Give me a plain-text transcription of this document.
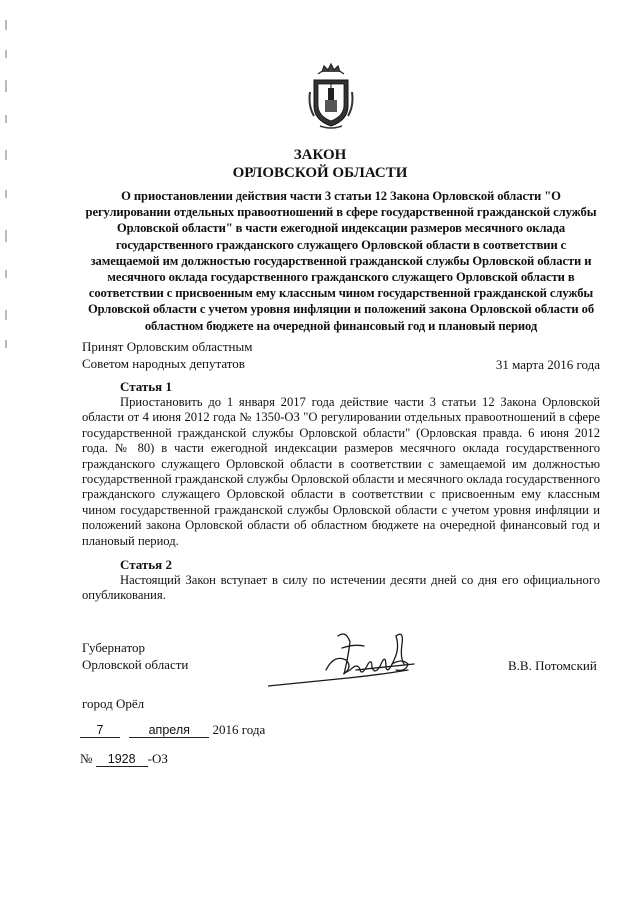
ЗАКОН
ОРЛОВСКОЙ ОБЛАСТИ
О приостановлении действия части 3 статьи 12 Закона Орловской области "О регулировании отдельных правоотношений в сфере государственной гражданской службы Орловской области" в части ежегодной индексации размеров месячного оклада государственного гражданского служащего Орловской области в соответствии с замещаемой им должностью государственной гражданской службы Орловской области и месячного оклада государственного гражданского служащего Орловской области в соответствии с присвоенным ему классным чином государственной гражданской службы Орловской области с учетом уровня инфляции и положений закона Орловской области об областном бюджете на очередной финансовый год и плановый период
Принят Орловским областным
Советом народных депутатов	31 марта 2016 года
Статья 1

Приостановить до 1 января 2017 года действие части 3 статьи 12 Закона Орловской области от 4 июня 2012 года № 1350-ОЗ "О регулировании отдельных правоотношений в сфере государственной гражданской службы Орловской области" (Орловская правда. 6 июня 2012 года. № 80) в части ежегодной индексации размеров месячного оклада государственного гражданского служащего Орловской области в соответствии с замещаемой им должностью государственной гражданской службы Орловской области и месячного оклада государственного гражданского служащего Орловской области в соответствии с присвоенным ему классным чином государственной гражданской службы Орловской области с учетом уровня инфляции и положений закона Орловской области об областном бюджете на очередной финансовый год и плановый период.

Статья 2

Настоящий Закон вступает в силу по истечении десяти дней со дня его официального опубликования.

Губернатор
Орловской области	В.В. Потомский
город Орёл
7	апреля 2016 года
№ 1928 -ОЗ
